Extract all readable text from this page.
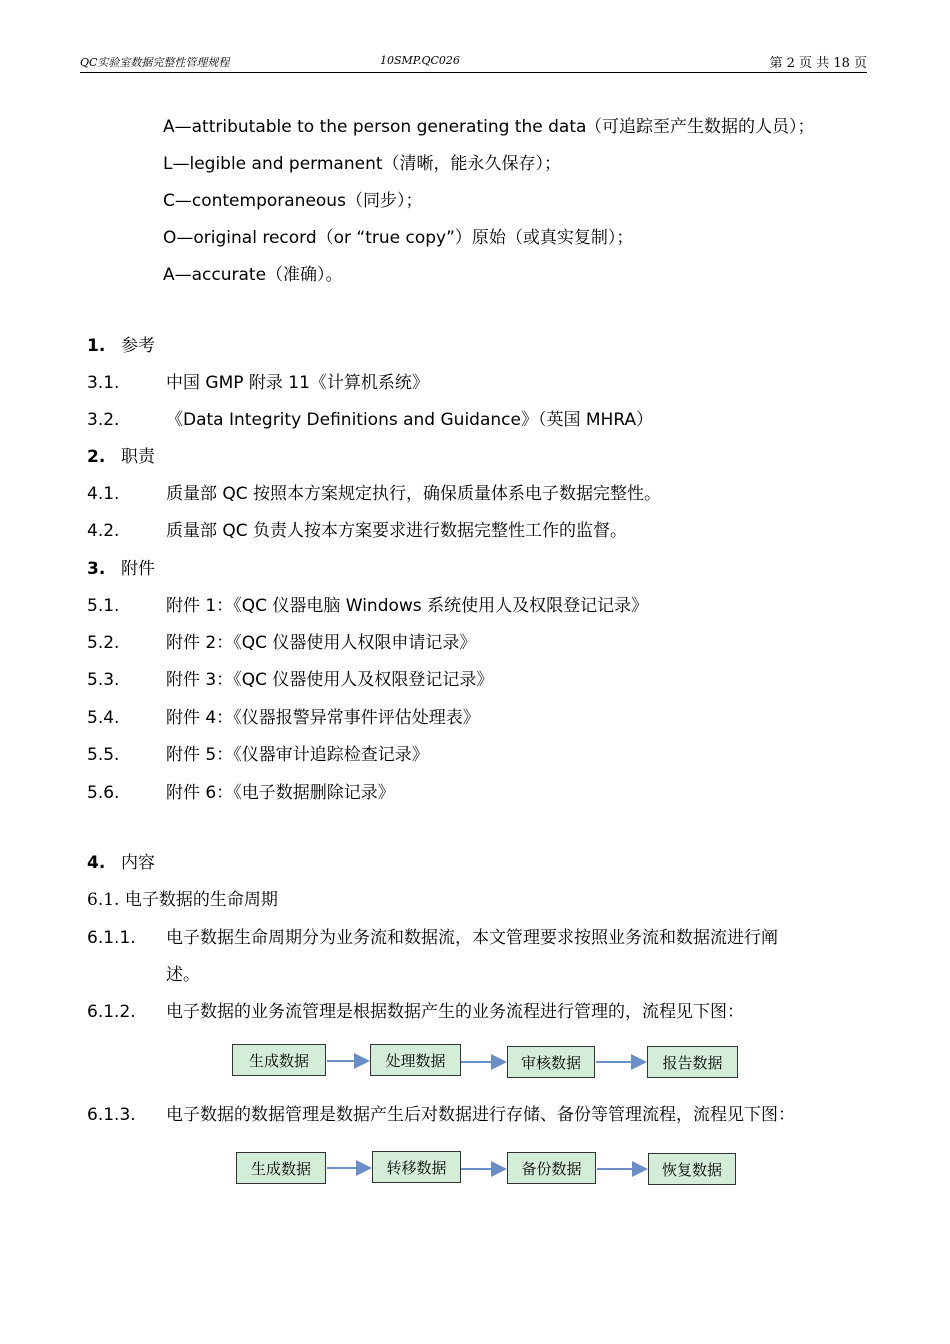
QC实验室数据完整性管理规程	10SMP.QC026	第 2 页 共 18 页
A—attributable to the person generating the data
（可追踪至产生数据的人员）；
L—legible and permanent（清晰，能永久保存）；
C—contemporaneous（同步）；
O—original record（or “true copy”）原始（或真实复制）；
A—accurate（准确）。
1. 参考
3.1.	中国 GMP 附录 11《计算机系统》
3.2.	《Data Integrity Definitions and Guidance》（英国 MHRA）
2. 职责
4.1.	质量部 QC 按照本方案规定执行，确保质量体系电子数据完整性。
4.2.	质量部 QC 负责人按本方案要求进行数据完整性工作的监督。
3. 附件
5.1.	附件 1：《QC 仪器电脑 Windows 系统使用人及权限登记记录》
5.2.	附件 2：《QC 仪器使用人权限申请记录》
5.3.	附件 3：《QC 仪器使用人及权限登记记录》
5.4.	附件 4：《仪器报警异常事件评估处理表》
5.5.	附件 5：《仪器审计追踪检查记录》
5.6.	附件 6：《电子数据删除记录》
4. 内容
6.1. 电子数据的生命周期
6.1.1. 电子数据生命周期分为业务流和数据流，本文管理要求按照业务流和数据流进行阐
述。
6.1.2. 电子数据的业务流管理是根据数据产生的业务流程进行管理的，流程见下图：
生成数据	处理数据	审核数据	报告数据
6.1.3. 电子数据的数据管理是数据产生后对数据进行存储、备份等管理流程，流程见下图：
生成数据	转移数据	备份数据	恢复数据
